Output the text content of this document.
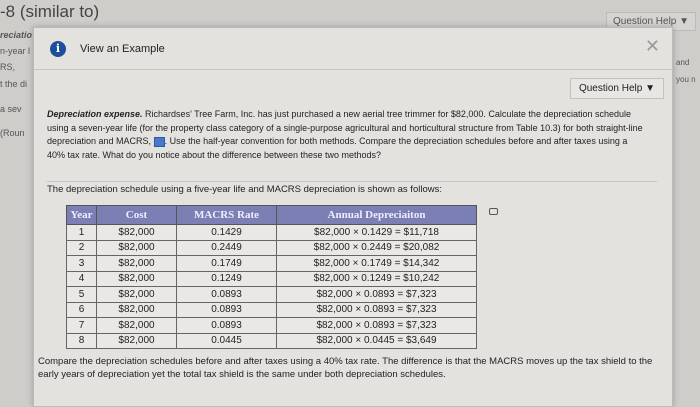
-8 (similar to)
Question Help ▼
reciatio
n-year l
RS,
t the di
a sev
(Roun
and
you n
i	View an Example	✕
Question Help ▼
Depreciation expense. Richardses' Tree Farm, Inc. has just purchased a new aerial tree trimmer for $82,000. Calculate the depreciation schedule using a seven-year life (for the property class category of a single-purpose agricultural and horticultural structure from Table 10.3) for both straight-line depreciation and MACRS, . Use the half-year convention for both methods. Compare the depreciation schedules before and after taxes using a 40% tax rate. What do you notice about the difference between these two methods?
The depreciation schedule using a five-year life and MACRS depreciation is shown as follows:
Year	Cost	MACRS Rate	Annual Depreciaiton
1	$82,000	0.1429	$82,000 × 0.1429 = $11,718
2	$82,000	0.2449	$82,000 × 0.2449 = $20,082
3	$82,000	0.1749	$82,000 × 0.1749 = $14,342
4	$82,000	0.1249	$82,000 × 0.1249 = $10,242
5	$82,000	0.0893	$82,000 × 0.0893 = $7,323
6	$82,000	0.0893	$82,000 × 0.0893 = $7,323
7	$82,000	0.0893	$82,000 × 0.0893 = $7,323
8	$82,000	0.0445	$82,000 × 0.0445 = $3,649
Compare the depreciation schedules before and after taxes using a 40% tax rate. The difference is that the MACRS moves up the tax shield to the early years of depreciation yet the total tax shield is the same under both depreciation schedules.
